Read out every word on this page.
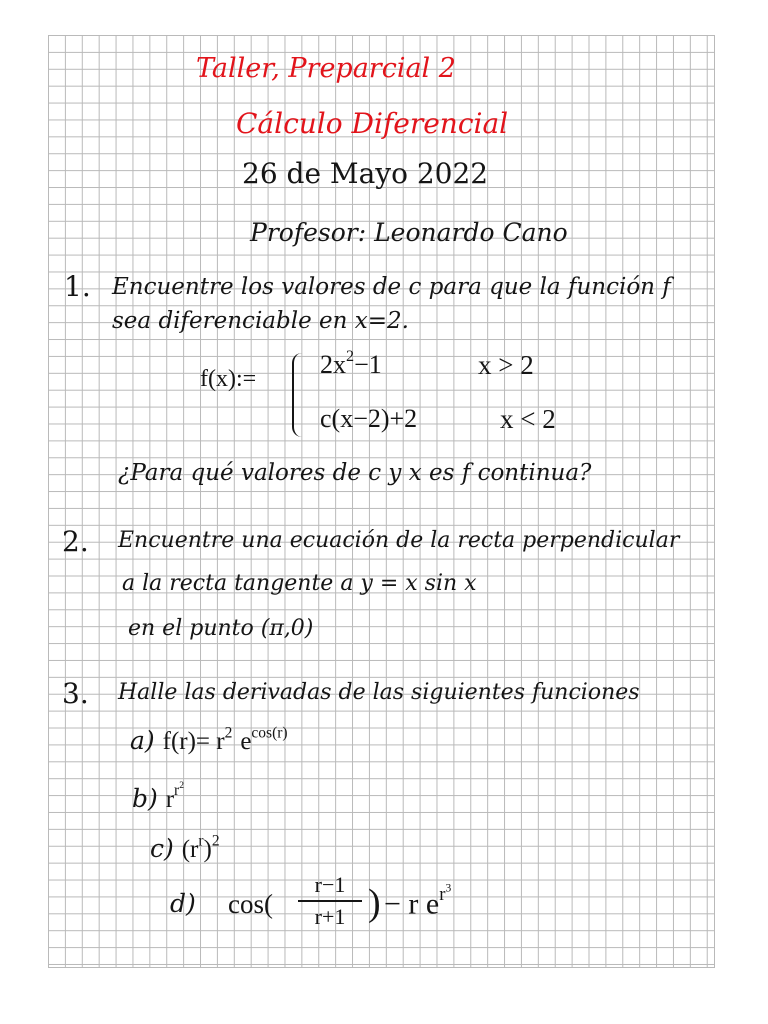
Taller, Preparcial 2
Cálculo Diferencial
26 de Mayo 2022
Profesor: Leonardo Cano
1. Encuentre los valores de c para que la función f
sea diferenciable en x=2.
f(x):= $2x^2-1$	x > 2
c(x−2)+2	x < 2
¿Para qué valores de c y x es f continua?
2. Encuentre una ecuación de la recta perpendicular
a la recta tangente a y = x sin x
en el punto (π,0)
3. Halle las derivadas de las siguientes funciones
a) $f(r)= r^2$ $e^{cos(r)}$
b) $r^{r^2}$
c) $(r^r)^2$
d) cos(
r−1
r+1 ) − r $e^{r^3}$
